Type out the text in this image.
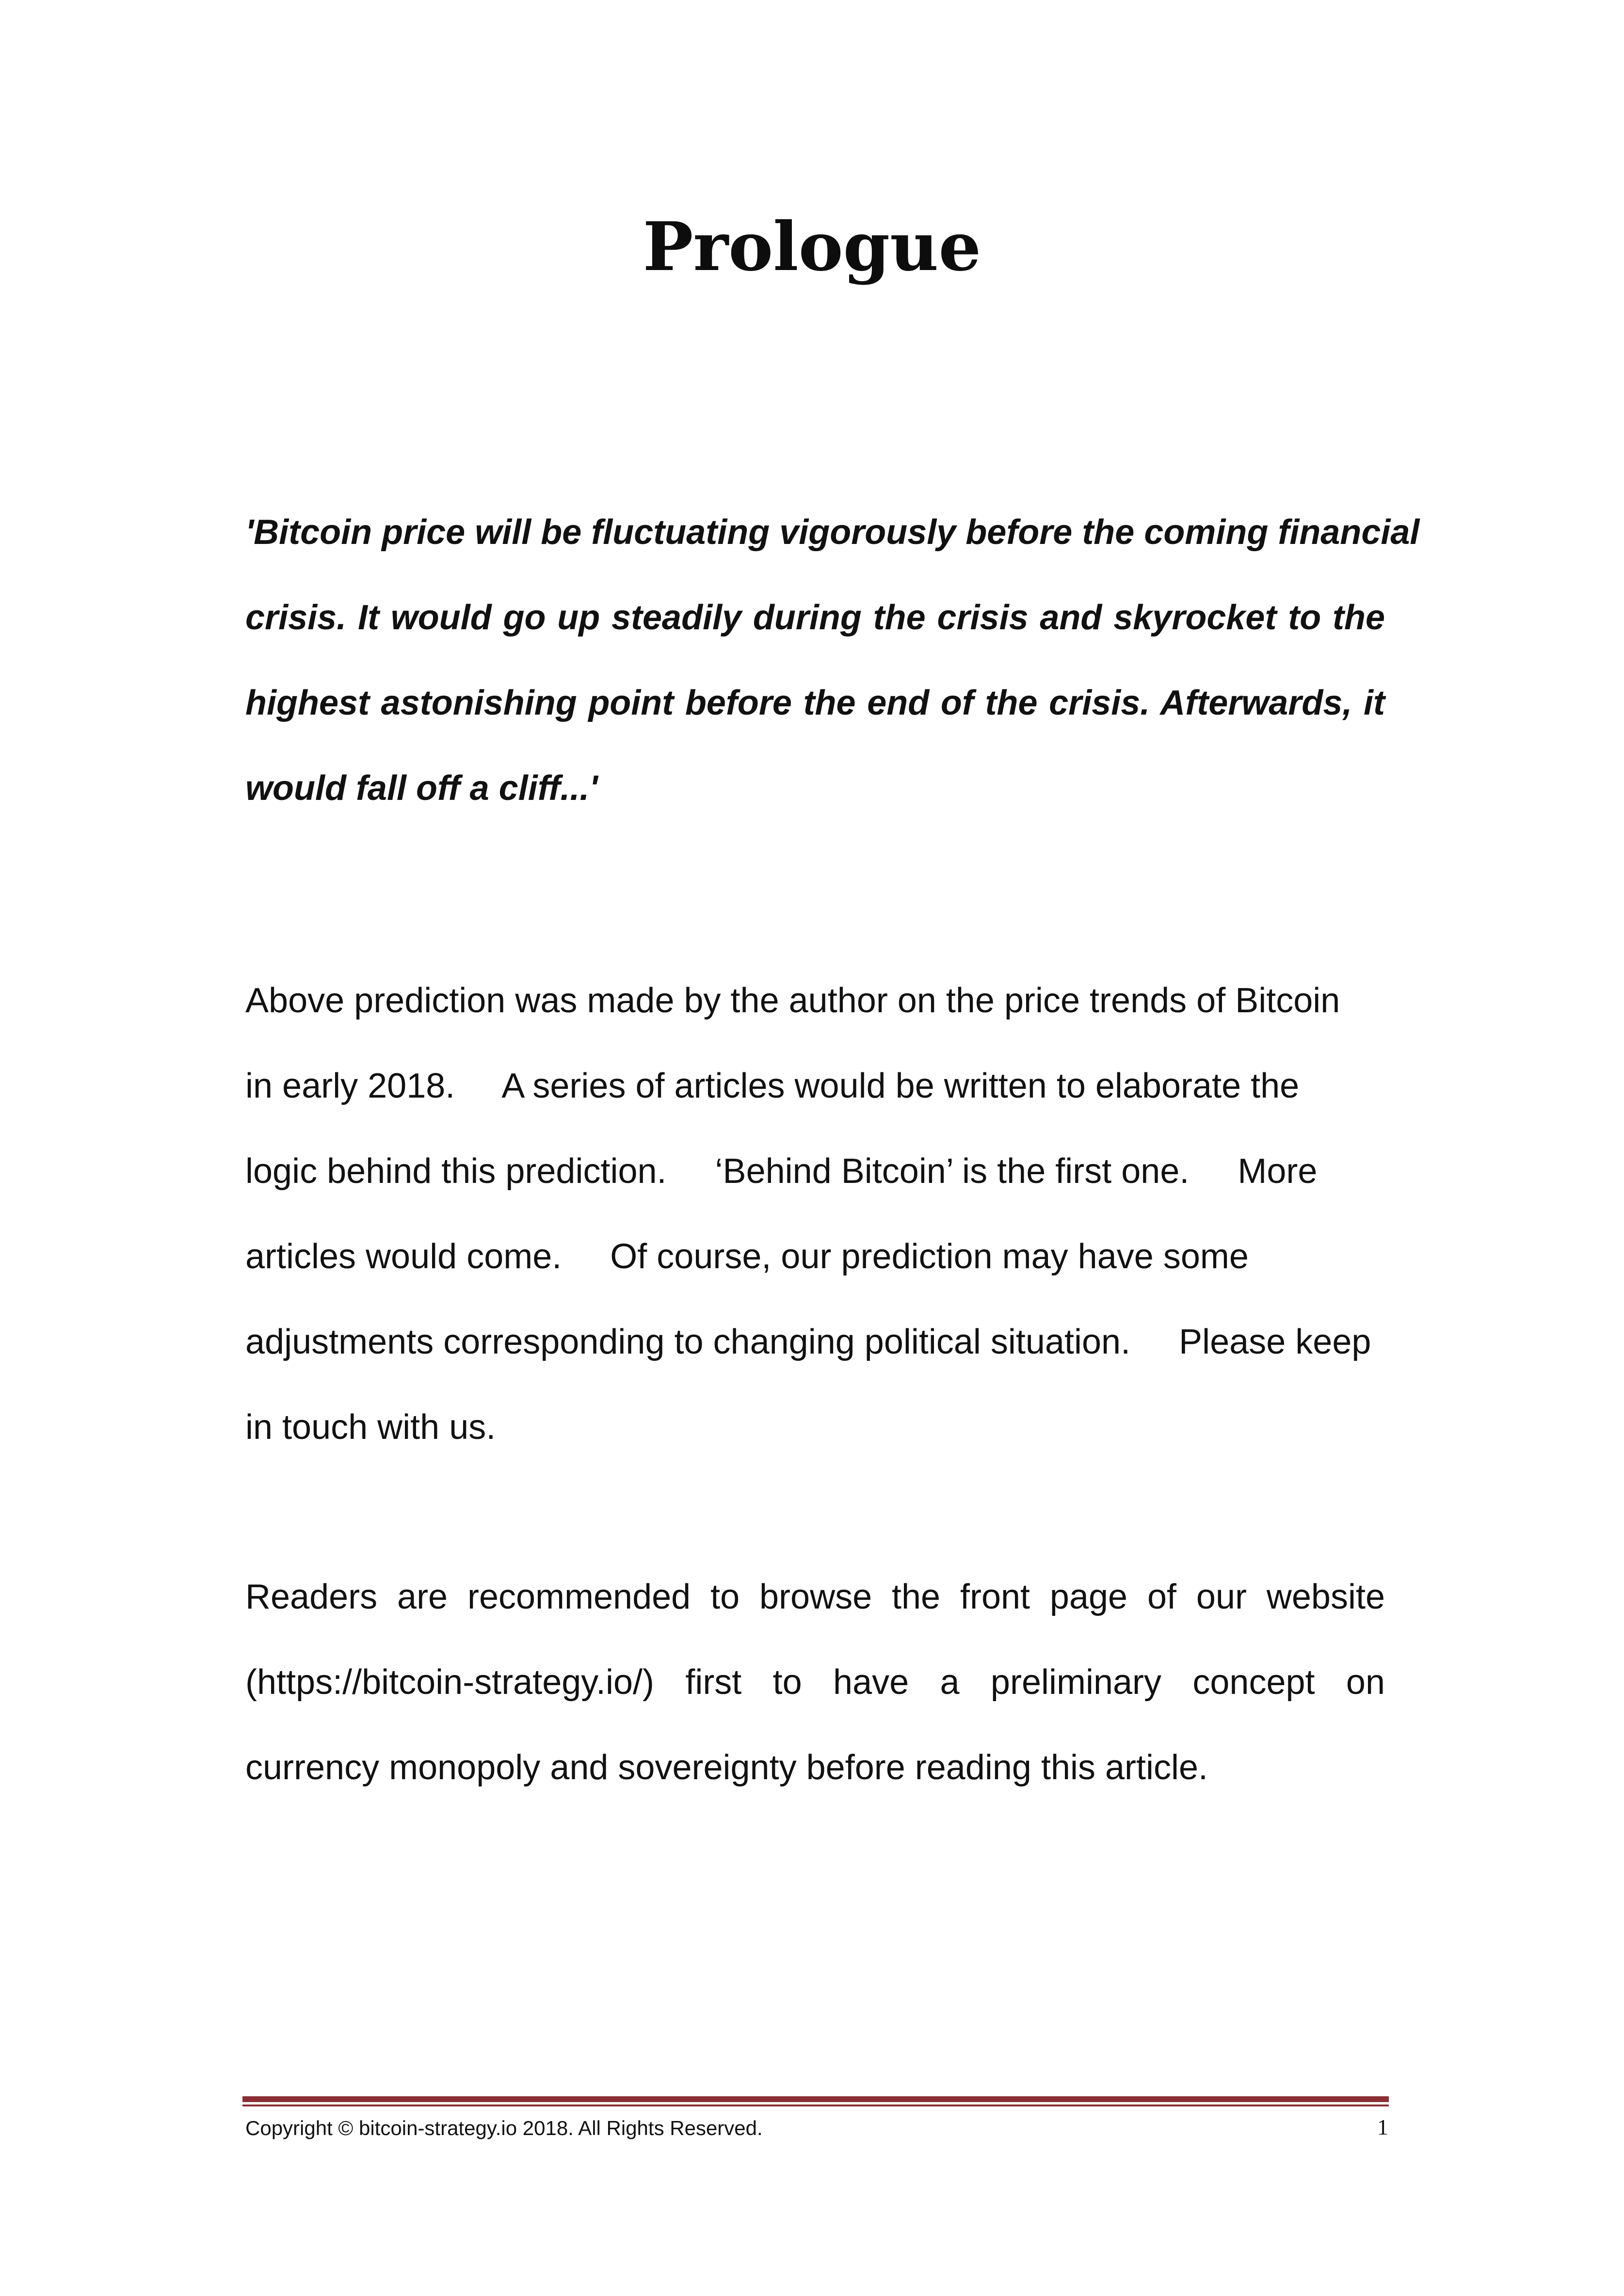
Prologue
'Bitcoin price will be fluctuating vigorously before the coming financial
crisis. It would go up steadily during the crisis and skyrocket to the
highest astonishing point before the end of the crisis. Afterwards, it
would fall off a cliff...'
Above prediction was made by the author on the price trends of Bitcoin
in early 2018.     A series of articles would be written to elaborate the
logic behind this prediction.     ‘Behind Bitcoin’ is the first one.     More
articles would come.     Of course, our prediction may have some
adjustments corresponding to changing political situation.     Please keep
in touch with us.
Readers are recommended to browse the front page of our website
(https://bitcoin-strategy.io/) first to have a preliminary concept on
currency monopoly and sovereignty before reading this article.
Copyright © bitcoin-strategy.io 2018. All Rights Reserved.	1
